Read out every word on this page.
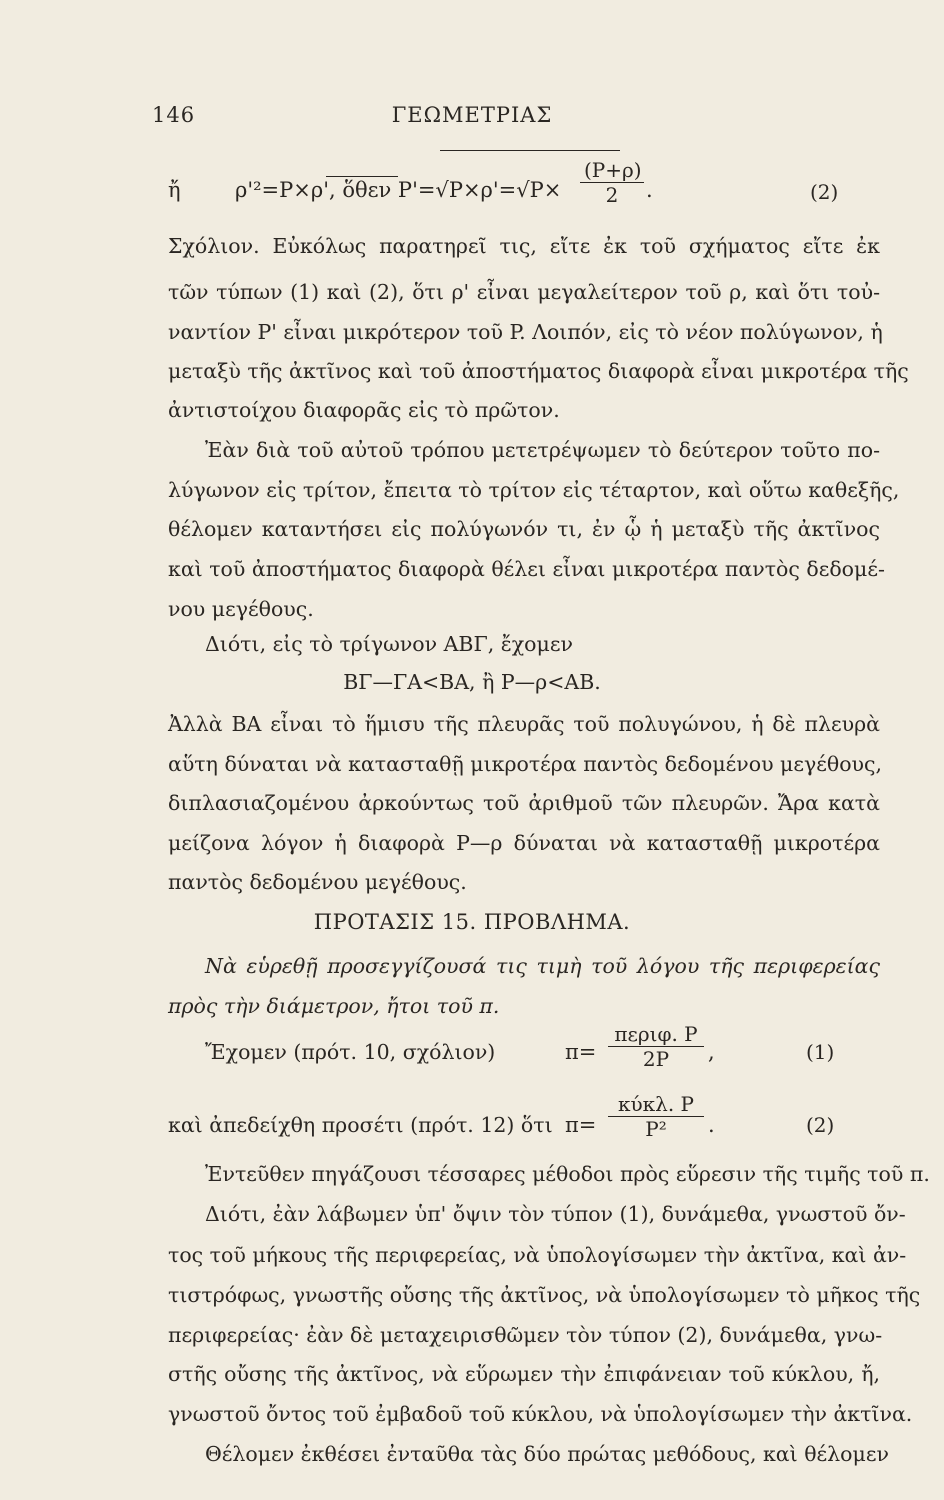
146	ΓΕΩΜΕΤΡΙΑΣ
ἤ	ρ'²=P×ρ', ὅθεν $P'=√P\times\rho'=√P\times \frac{(P+\rho)}{2}$ .	(2)
Σχόλιον. Εὐκόλως παρατηρεῖ τις, εἴτε ἐκ τοῦ σχήματος εἴτε ἐκ
τῶν τύπων (1) καὶ (2), ὅτι ρ' εἶναι μεγαλείτερον τοῦ ρ, καὶ ὅτι τοὐ-
ναντίον P' εἶναι μικρότερον τοῦ P. Λοιπόν, εἰς τὸ νέον πολύγωνον, ἡ
μεταξὺ τῆς ἀκτῖνος καὶ τοῦ ἀποστήματος διαφορὰ εἶναι μικροτέρα τῆς
ἀντιστοίχου διαφορᾶς εἰς τὸ πρῶτον.
Ἐὰν διὰ τοῦ αὐτοῦ τρόπου μετετρέψωμεν τὸ δεύτερον τοῦτο πο-
λύγωνον εἰς τρίτον, ἔπειτα τὸ τρίτον εἰς τέταρτον, καὶ οὕτω καθεξῆς,
θέλομεν καταντήσει εἰς πολύγωνόν τι, ἐν ᾧ ἡ μεταξὺ τῆς ἀκτῖνος
καὶ τοῦ ἀποστήματος διαφορὰ θέλει εἶναι μικροτέρα παντὸς δεδομέ-
νου μεγέθους.
Διότι, εἰς τὸ τρίγωνον ΑΒΓ, ἔχομεν
ΒΓ—ΓΑ<ΒΑ, ἢ P—ρ<ΑΒ.
Ἀλλὰ ΒΑ εἶναι τὸ ἥμισυ τῆς πλευρᾶς τοῦ πολυγώνου, ἡ δὲ πλευρὰ
αὕτη δύναται νὰ κατασταθῇ μικροτέρα παντὸς δεδομένου μεγέθους,
διπλασιαζομένου ἀρκούντως τοῦ ἀριθμοῦ τῶν πλευρῶν. Ἄρα κατὰ
μείζονα λόγον ἡ διαφορὰ P—ρ δύναται νὰ κατασταθῇ μικροτέρα
παντὸς δεδομένου μεγέθους.
ΠΡΟΤΑΣΙΣ 15. ΠΡΟΒΛΗΜΑ.
Νὰ εὑρεθῇ προσεγγίζουσά τις τιμὴ τοῦ λόγου τῆς περιφερείας
πρὸς τὴν διάμετρον, ἤτοι τοῦ π.
Ἔχομεν (πρότ. 10, σχόλιον)	π=
περιφ. P
2P	,	(1)
καὶ ἀπεδείχθη προσέτι (πρότ. 12) ὅτι π=
κύκλ. P
P²	.	(2)
Ἐντεῦθεν πηγάζουσι τέσσαρες μέθοδοι πρὸς εὕρεσιν τῆς τιμῆς τοῦ π.
Διότι, ἐὰν λάβωμεν ὑπ' ὄψιν τὸν τύπον (1), δυνάμεθα, γνωστοῦ ὄν-
τος τοῦ μήκους τῆς περιφερείας, νὰ ὑπολογίσωμεν τὴν ἀκτῖνα, καὶ ἀν-
τιστρόφως, γνωστῆς οὔσης τῆς ἀκτῖνος, νὰ ὑπολογίσωμεν τὸ μῆκος τῆς
περιφερείας· ἐὰν δὲ μεταχειρισθῶμεν τὸν τύπον (2), δυνάμεθα, γνω-
στῆς οὔσης τῆς ἀκτῖνος, νὰ εὕρωμεν τὴν ἐπιφάνειαν τοῦ κύκλου, ἤ,
γνωστοῦ ὄντος τοῦ ἐμβαδοῦ τοῦ κύκλου, νὰ ὑπολογίσωμεν τὴν ἀκτῖνα.
Θέλομεν ἐκθέσει ἐνταῦθα τὰς δύο πρώτας μεθόδους, καὶ θέλομεν
